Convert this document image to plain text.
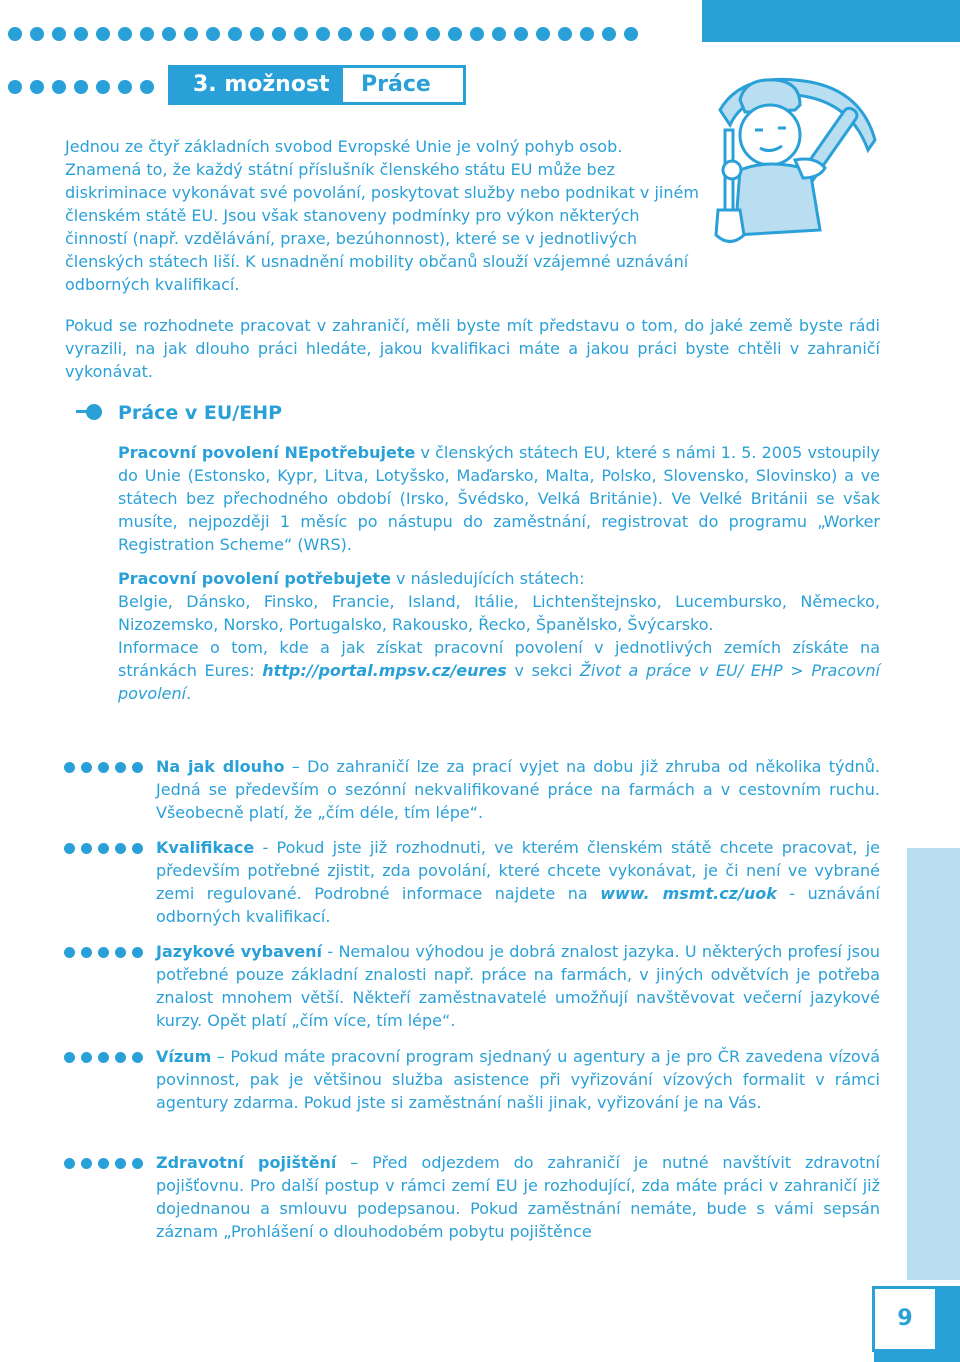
3. možnost	Práce

Jednou ze čtyř základních svobod Evropské Unie je volný pohyb osob. Znamená to, že každý státní příslušník členského státu EU může bez diskriminace vykonávat své povolání, poskytovat služby nebo podnikat v jiném členském státě EU. Jsou však stanoveny podmínky pro výkon některých činností (např. vzdělávání, praxe, bezúhonnost), které se v jednotlivých členských státech liší. K usnadnění mobility občanů slouží vzájemné uznávání odborných kvalifikací.

Pokud se rozhodnete pracovat v zahraničí, měli byste mít představu o tom, do jaké země byste rádi vyrazili, na jak dlouho práci hledáte, jakou kvalifikaci máte a jakou práci byste chtěli v zahraničí vykonávat.

Práce v EU/EHP

Pracovní povolení NEpotřebujete v členských státech EU, které s námi 1. 5. 2005 vstoupily do Unie (Estonsko, Kypr, Litva, Lotyšsko, Maďarsko, Malta, Polsko, Slovensko, Slovinsko) a ve státech bez přechodného období (Irsko, Švédsko, Velká Británie). Ve Velké Británii se však musíte, nejpozději 1 měsíc po nástupu do zaměstnání, registrovat do programu „Worker Registration Scheme“ (WRS).

Pracovní povolení potřebujete v následujících státech:
Belgie, Dánsko, Finsko, Francie, Island, Itálie, Lichtenštejnsko, Lucembursko, Německo, Nizozemsko, Norsko, Portugalsko, Rakousko, Řecko, Španělsko, Švýcarsko.
Informace o tom, kde a jak získat pracovní povolení v jednotlivých zemích získáte na stránkách Eures: http://portal.mpsv.cz/eures v sekci Život a práce v EU/ EHP > Pracovní povolení.

Na jak dlouho – Do zahraničí lze za prací vyjet na dobu již zhruba od několika týdnů. Jedná se především o sezónní nekvalifikované práce na farmách a v cestovním ruchu. Všeobecně platí, že „čím déle, tím lépe“.

Kvalifikace - Pokud jste již rozhodnuti, ve kterém členském státě chcete pracovat, je především potřebné zjistit, zda povolání, které chcete vykonávat, je či není ve vybrané zemi regulované. Podrobné informace najdete na www. msmt.cz/uok - uznávání odborných kvalifikací.

Jazykové vybavení - Nemalou výhodou je dobrá znalost jazyka. U některých profesí jsou potřebné pouze základní znalosti např. práce na farmách, v jiných odvětvích je potřeba znalost mnohem větší. Někteří zaměstnavatelé umožňují navštěvovat večerní jazykové kurzy. Opět platí „čím více, tím lépe“.

Vízum – Pokud máte pracovní program sjednaný u agentury a je pro ČR zavedena vízová povinnost, pak je většinou služba asistence při vyřizování vízových formalit v rámci agentury zdarma. Pokud jste si zaměstnání našli jinak, vyřizování je na Vás.

Zdravotní pojištění – Před odjezdem do zahraničí je nutné navštívit zdravotní pojišťovnu. Pro další postup v rámci zemí EU je rozhodující, zda máte práci v zahraničí již dojednanou a smlouvu podepsanou. Pokud zaměstnání nemáte, bude s vámi sepsán záznam „Prohlášení o dlouhodobém pobytu pojištěnce

9
